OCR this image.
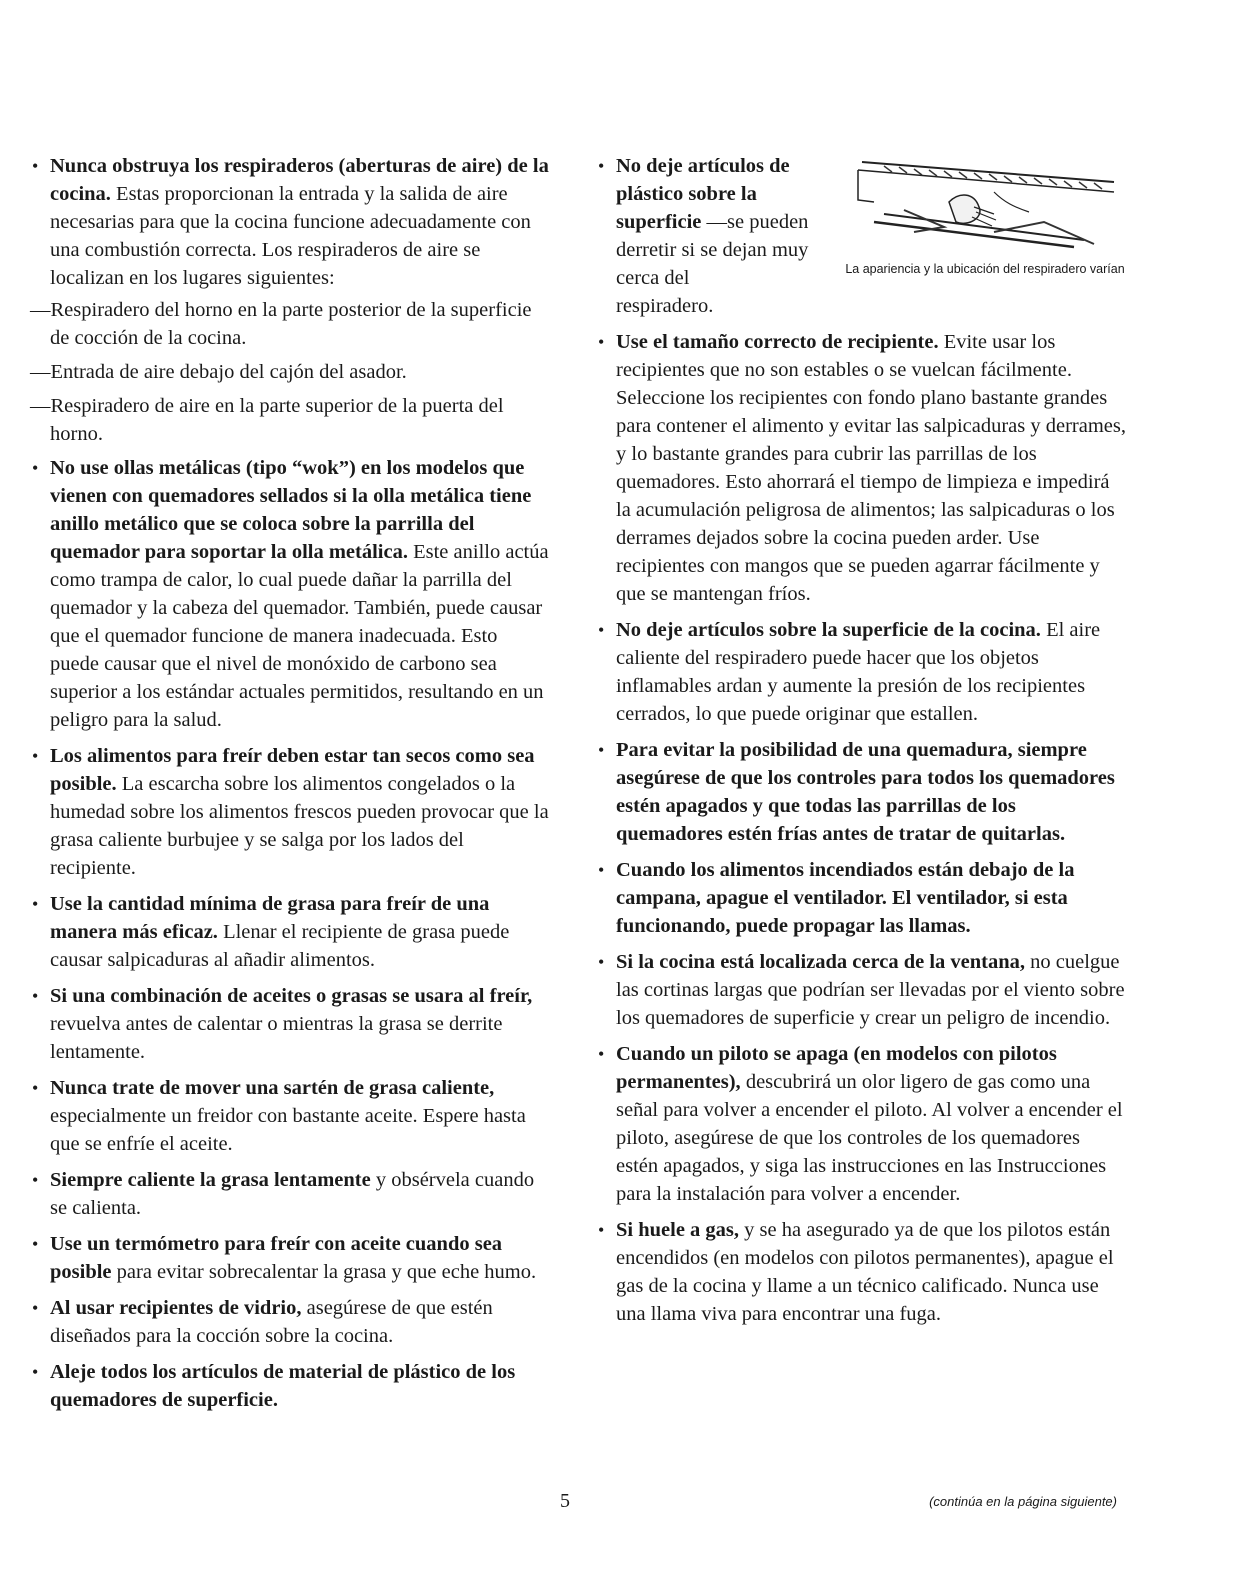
• Nunca obstruya los respiraderos (aberturas de aire) de la cocina. Estas proporcionan la entrada y la salida de aire necesarias para que la cocina funcione adecuadamente con una combustión correcta. Los respiraderos de aire se localizan en los lugares siguientes:
—Respiradero del horno en la parte posterior de la superficie de cocción de la cocina.
—Entrada de aire debajo del cajón del asador.
—Respiradero de aire en la parte superior de la puerta del horno.
• No use ollas metálicas (tipo “wok”) en los modelos que vienen con quemadores sellados si la olla metálica tiene anillo metálico que se coloca sobre la parrilla del quemador para soportar la olla metálica. Este anillo actúa como trampa de calor, lo cual puede dañar la parrilla del quemador y la cabeza del quemador. También, puede causar que el quemador funcione de manera inadecuada. Esto puede causar que el nivel de monóxido de carbono sea superior a los estándar actuales permitidos, resultando en un peligro para la salud.
• Los alimentos para freír deben estar tan secos como sea posible. La escarcha sobre los alimentos congelados o la humedad sobre los alimentos frescos pueden provocar que la grasa caliente burbujee y se salga por los lados del recipiente.
• Use la cantidad mínima de grasa para freír de una manera más eficaz. Llenar el recipiente de grasa puede causar salpicaduras al añadir alimentos.
• Si una combinación de aceites o grasas se usara al freír, revuelva antes de calentar o mientras la grasa se derrite lentamente.
• Nunca trate de mover una sartén de grasa caliente, especialmente un freidor con bastante aceite. Espere hasta que se enfríe el aceite.
• Siempre caliente la grasa lentamente y obsérvela cuando se calienta.
• Use un termómetro para freír con aceite cuando sea posible para evitar sobrecalentar la grasa y que eche humo.
• Al usar recipientes de vidrio, asegúrese de que estén diseñados para la cocción sobre la cocina.
• Aleje todos los artículos de material de plástico de los quemadores de superficie.
• No deje artículos de plástico sobre la superficie —se pueden derretir si se dejan muy cerca del
respiradero.
La apariencia y la ubicación del respiradero varían
• Use el tamaño correcto de recipiente. Evite usar los recipientes que no son estables o se vuelcan fácilmente. Seleccione los recipientes con fondo plano bastante grandes para contener el alimento y evitar las salpicaduras y derrames, y lo bastante grandes para cubrir las parrillas de los quemadores. Esto ahorrará el tiempo de limpieza e impedirá la acumulación peligrosa de alimentos; las salpicaduras o los derrames dejados sobre la cocina pueden arder. Use recipientes con mangos que se pueden agarrar fácilmente y que se mantengan fríos.
• No deje artículos sobre la superficie de la cocina. El aire caliente del respiradero puede hacer que los objetos inflamables ardan y aumente la presión de los recipientes cerrados, lo que puede originar que estallen.
• Para evitar la posibilidad de una quemadura, siempre asegúrese de que los controles para todos los quemadores estén apagados y que todas las parrillas de los quemadores estén frías antes de tratar de quitarlas.
• Cuando los alimentos incendiados están debajo de la campana, apague el ventilador. El ventilador, si esta funcionando, puede propagar las llamas.
• Si la cocina está localizada cerca de la ventana, no cuelgue las cortinas largas que podrían ser llevadas por el viento sobre los quemadores de superficie y crear un peligro de incendio.
• Cuando un piloto se apaga (en modelos con pilotos permanentes), descubrirá un olor ligero de gas como una señal para volver a encender el piloto. Al volver a encender el piloto, asegúrese de que los controles de los quemadores estén apagados, y siga las instrucciones en las Instrucciones para la instalación para volver a encender.
• Si huele a gas, y se ha asegurado ya de que los pilotos están encendidos (en modelos con pilotos permanentes), apague el gas de la cocina y llame a un técnico calificado. Nunca use una llama viva para encontrar una fuga.
5	(continúa en la página siguiente)
